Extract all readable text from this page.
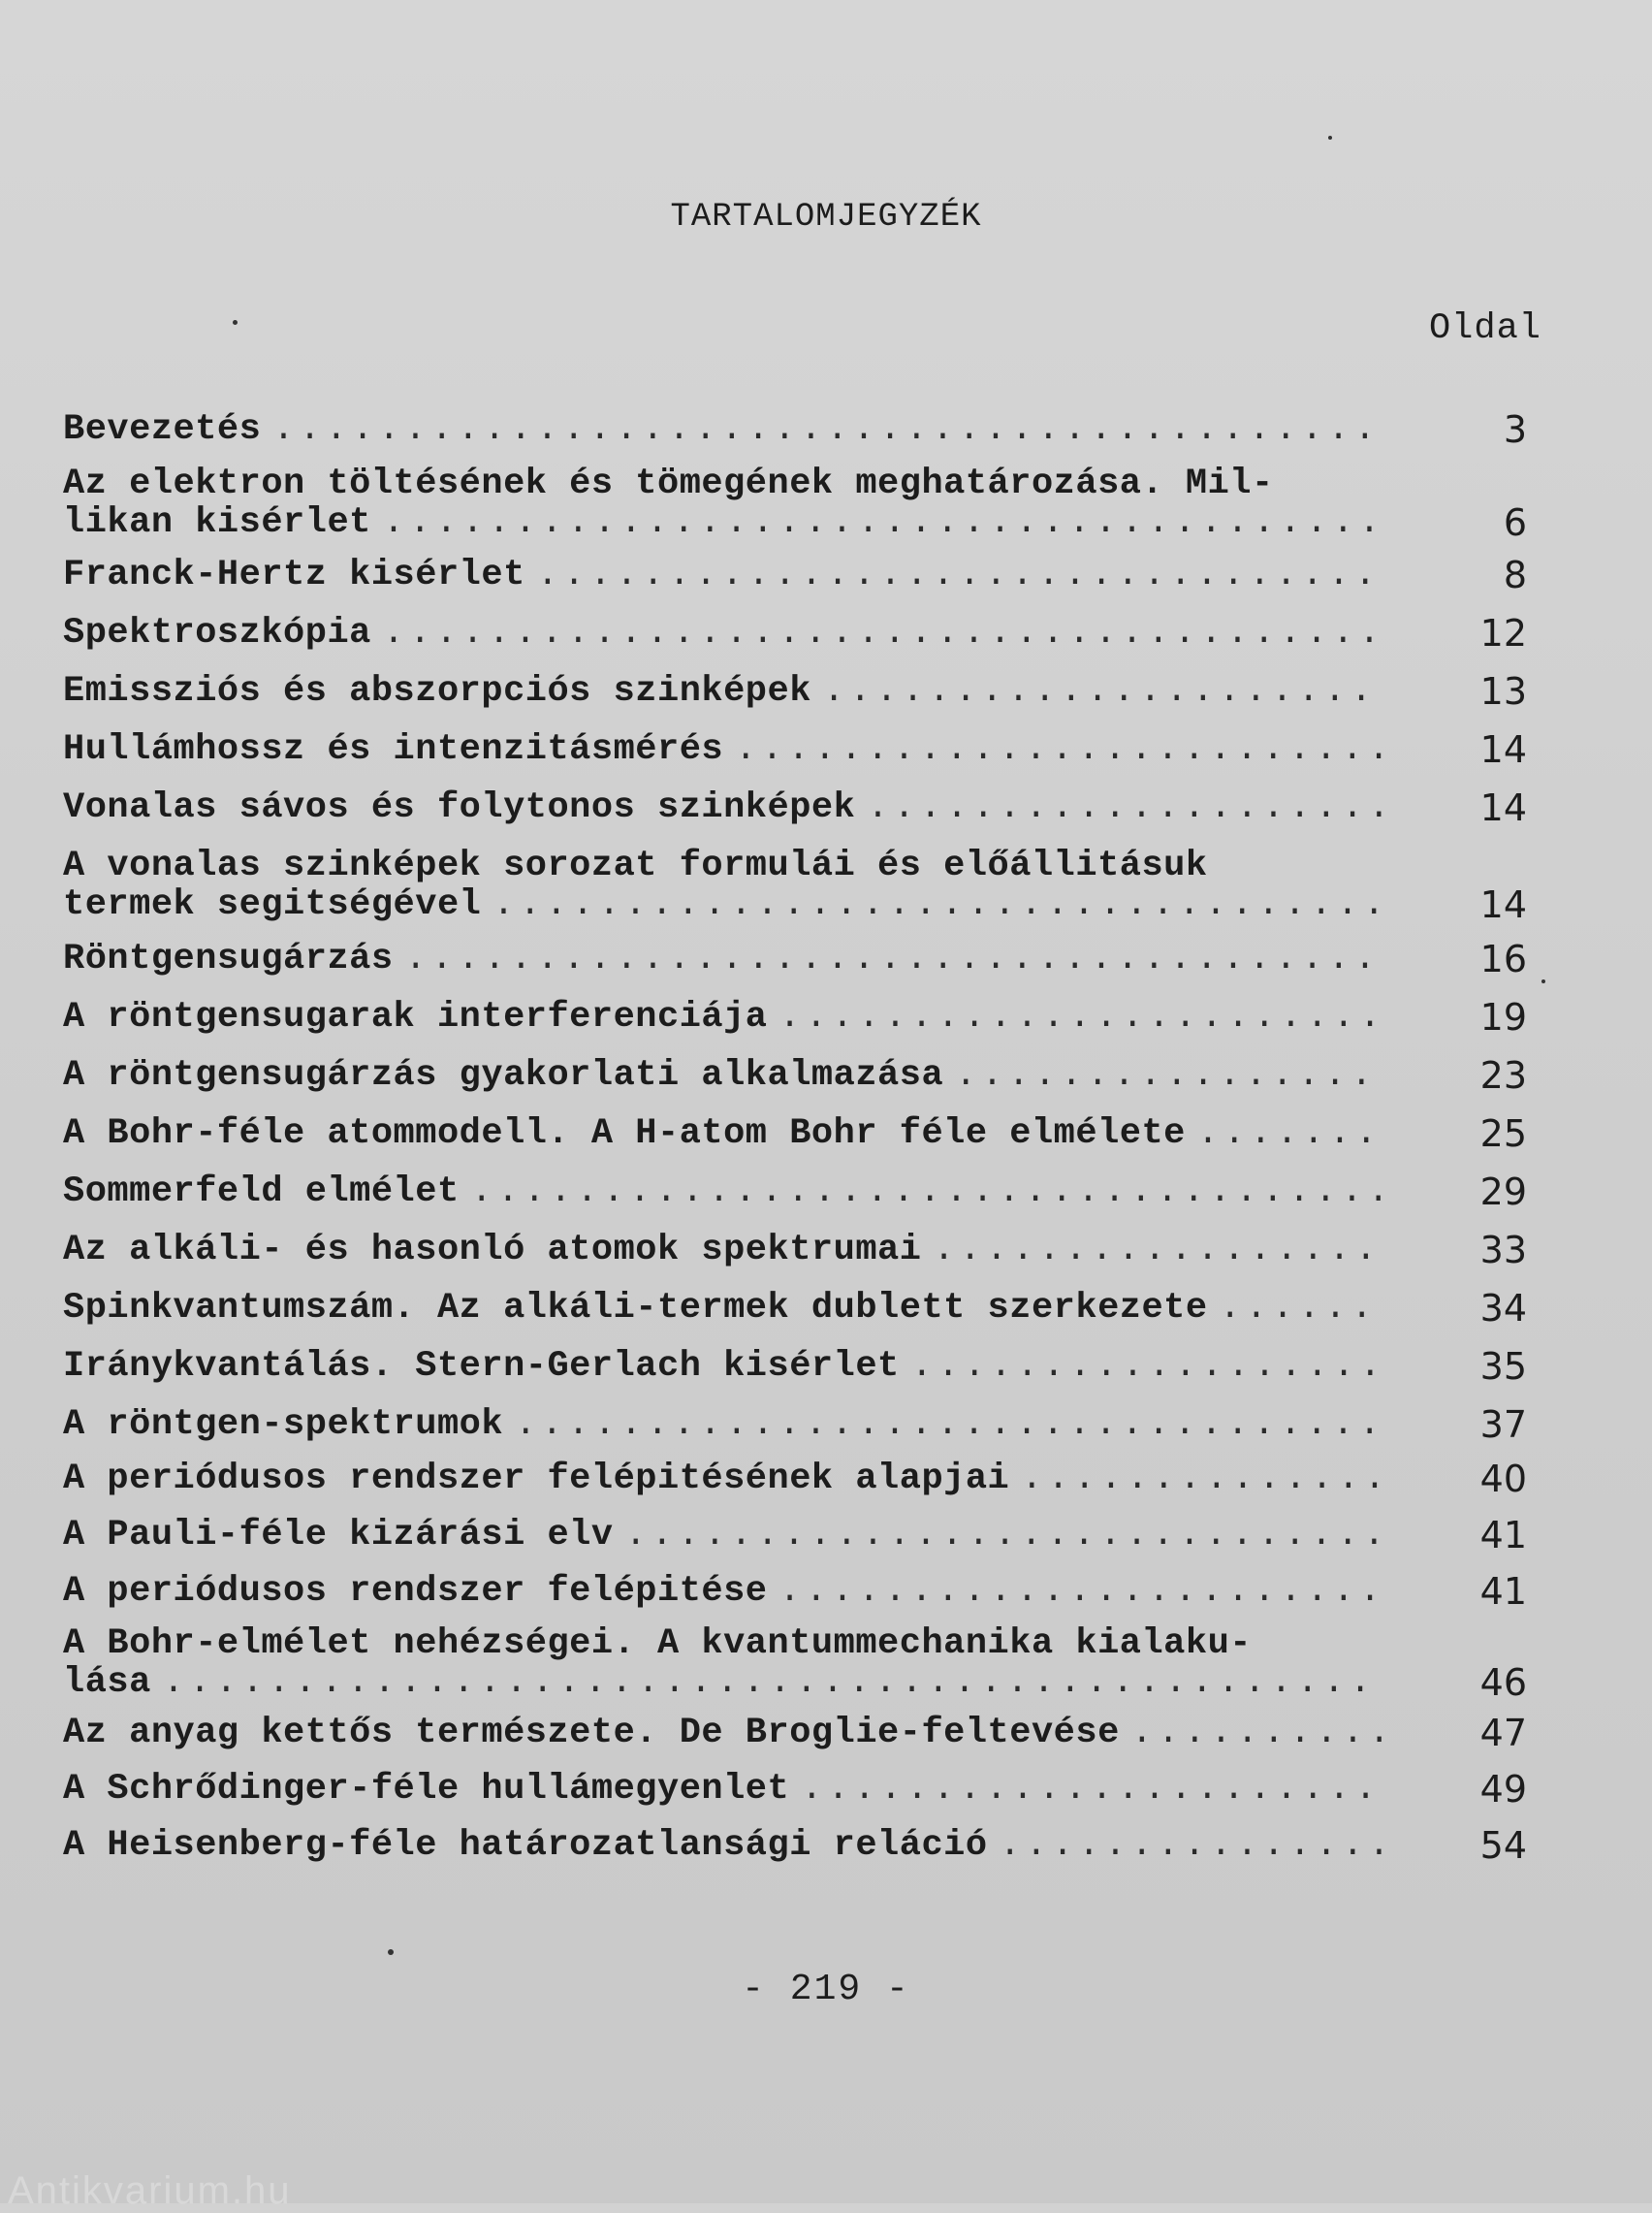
TARTALOMJEGYZÉK
Oldal
Bevezetés .....	3
Az elektron töltésének és tömegének meghatározása. Mil-
likan kisérlet .....	6
Franck-Hertz kisérlet .....	8
Spektroszkópia .....	12
Emissziós és abszorpciós szinképek .....	13
Hullámhossz és intenzitásmérés .....	14
Vonalas sávos és folytonos szinképek .....	14
A vonalas szinképek sorozat formulái és előállitásuk
termek segitségével .....	14
Röntgensugárzás .....	16
A röntgensugarak interferenciája .....	19
A röntgensugárzás gyakorlati alkalmazása .....	23
A Bohr-féle atommodell. A H-atom Bohr féle elmélete .....	25
Sommerfeld elmélet .....	29
Az alkáli- és hasonló atomok spektrumai .....	33
Spinkvantumszám. Az alkáli-termek dublett szerkezete .....	34
Iránykvantálás. Stern-Gerlach kisérlet .....	35
A röntgen-spektrumok .....	37
A periódusos rendszer felépitésének alapjai .....	40
A Pauli-féle kizárási elv .....	41
A periódusos rendszer felépitése .....	41
A Bohr-elmélet nehézségei. A kvantummechanika kialaku-
lása .....	46
Az anyag kettős természete. De Broglie-feltevése .....	47
A Schrődinger-féle hullámegyenlet .....	49
A Heisenberg-féle határozatlansági reláció .....	54
- 219 -
Antikvarium.hu
